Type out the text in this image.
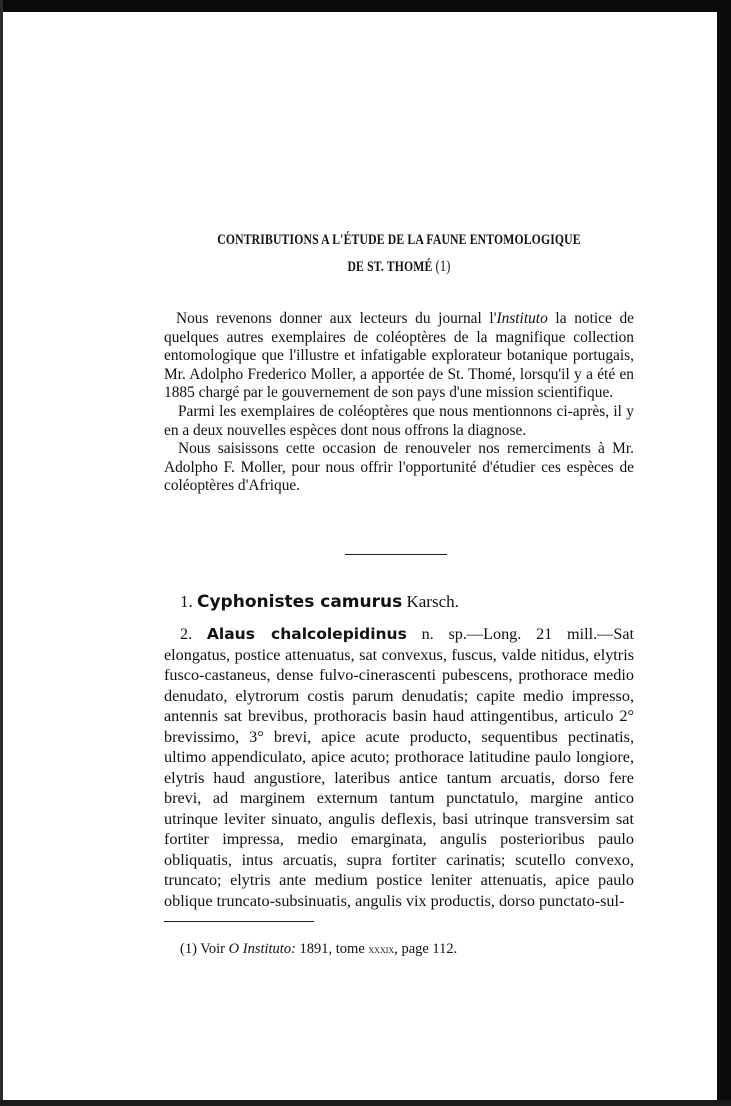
CONTRIBUTIONS A L'ÉTUDE DE LA FAUNE ENTOMOLOGIQUE
DE ST. THOMÉ (1)

Nous revenons donner aux lecteurs du journal l'Instituto la notice de quelques autres exemplaires de coléoptères de la magnifique collection entomologique que l'illustre et infatigable explorateur botanique portugais, Mr. Adolpho Frederico Moller, a apportée de St. Thomé, lorsqu'il y a été en 1885 chargé par le gouvernement de son pays d'une mission scientifique.

Parmi les exemplaires de coléoptères que nous mentionnons ci-après, il y en a deux nouvelles espèces dont nous offrons la diagnose.

Nous saisissons cette occasion de renouveler nos remerciments à Mr. Adolpho F. Moller, pour nous offrir l'opportunité d'étudier ces espèces de coléoptères d'Afrique.

1. Cyphonistes camurus Karsch.

2. Alaus chalcolepidinus n. sp.—Long. 21 mill.—Sat elongatus, postice attenuatus, sat convexus, fuscus, valde nitidus, elytris fusco-castaneus, dense fulvo-cinerascenti pubescens, prothorace medio denudato, elytrorum costis parum denudatis; capite medio impresso, antennis sat brevibus, prothoracis basin haud attingentibus, articulo 2° brevissimo, 3° brevi, apice acute producto, sequentibus pectinatis, ultimo appendiculato, apice acuto; prothorace latitudine paulo longiore, elytris haud angustiore, lateribus antice tantum arcuatis, dorso fere brevi, ad marginem externum tantum punctatulo, margine antico utrinque leviter sinuato, angulis deflexis, basi utrinque transversim sat fortiter impressa, medio emarginata, angulis posterioribus paulo obliquatis, intus arcuatis, supra fortiter carinatis; scutello convexo, truncato; elytris ante medium postice leniter attenuatis, apice paulo oblique truncato-subsinuatis, angulis vix productis, dorso punctato-sul-

(1) Voir O Instituto: 1891, tome xxxix, page 112.
